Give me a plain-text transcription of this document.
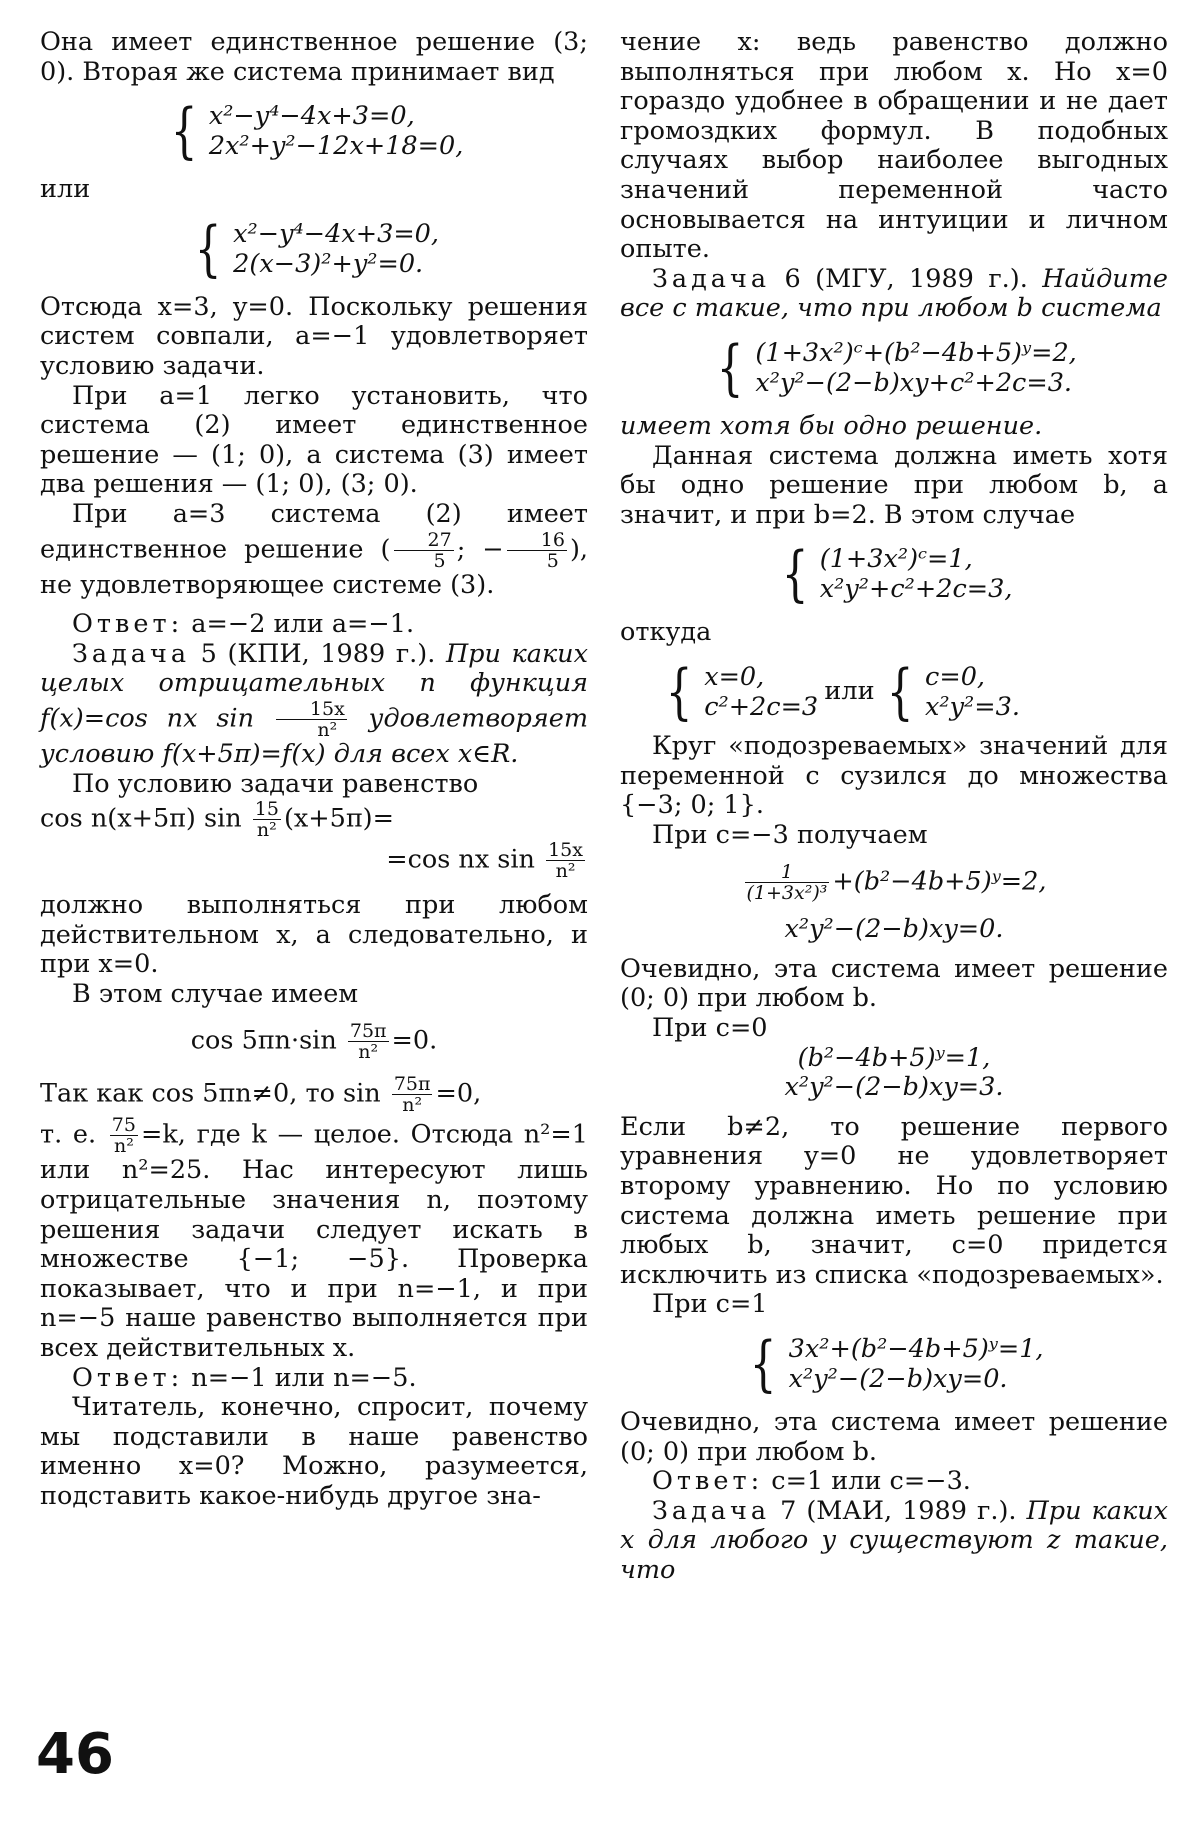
Она имеет единственное решение (3; 0). Вторая же система принимает вид

{ x²−y⁴−4x+3=0,
2x²+y²−12x+18=0,

или

{ x²−y⁴−4x+3=0,
2(x−3)²+y²=0.

Отсюда x=3, y=0. Поскольку решения систем совпали, a=−1 удовлетворяет условию задачи.

При a=1 легко установить, что система (2) имеет единственное решение — (1; 0), а система (3) имеет два решения — (1; 0), (3; 0).

При a=3 система (2) имеет единственное решение ( $\frac{27}{5}$ ; − $\frac{16}{5}$ ), не удовлетворяющее системе (3).

Ответ: a=−2 или a=−1.

Задача 5 (КПИ, 1989 г.). При каких целых отрицательных n функция f(x)=cos nx $\sin \frac{15x}{\text{n²}}$ удовлетворяет условию f(x+5π)=f(x) для всех x∈R.

По условию задачи равенство

cos n(x+5π) $\sin \frac{15}{\text{n²}} (x+5\pi)=$

=cos nx $\sin \frac{15x}{\text{n²}}$

должно выполняться при любом действительном x, а следовательно, и при x=0.

В этом случае имеем

$\cos 5\pi n\cdot\sin \frac{75\pi}{\text{n²}} =0$.

Так как cos 5πn≠0, то $\sin \frac{75\pi}{\text{n²}} =0$,

т. е. $\frac{75}{\text{n²}} =k$, где k — целое. Отсюда n²=1 или n²=25. Нас интересуют лишь отрицательные значения n, поэтому решения задачи следует искать в множестве {−1; −5}. Проверка показывает, что и при n=−1, и при n=−5 наше равенство выполняется при всех действительных x.

Ответ: n=−1 или n=−5.

Читатель, конечно, спросит, почему мы подставили в наше равенство именно x=0? Можно, разумеется, подставить какое-нибудь другое зна-

чение x: ведь равенство должно выполняться при любом x. Но x=0 гораздо удобнее в обращении и не дает громоздких формул. В подобных случаях выбор наиболее выгодных значений переменной часто основывается на интуиции и личном опыте.

Задача 6 (МГУ, 1989 г.). Найдите все c такие, что при любом b система

{ (1+3x²)ᶜ+(b²−4b+5)ʸ=2,
x²y²−(2−b)xy+c²+2c=3.

имеет хотя бы одно решение.

Данная система должна иметь хотя бы одно решение при любом b, а значит, и при b=2. В этом случае

{ (1+3x²)ᶜ=1,
x²y²+c²+2c=3,

откуда

{ x=0,
c²+2c=3
или { c=0,
x²y²=3.

Круг «подозреваемых» значений для переменной c сузился до множества {−3; 0; 1}.

При c=−3 получаем

$\frac{1}{\text{(1+3x²)³}}$ +(b²−4b+5)ʸ=2,

x²y²−(2−b)xy=0.

Очевидно, эта система имеет решение (0; 0) при любом b.

При c=0

(b²−4b+5)ʸ=1,

x²y²−(2−b)xy=3.

Если b≠2, то решение первого уравнения y=0 не удовлетворяет второму уравнению. Но по условию система должна иметь решение при любых b, значит, c=0 придется исключить из списка «подозреваемых».

При c=1

{ 3x²+(b²−4b+5)ʸ=1,
x²y²−(2−b)xy=0.

Очевидно, эта система имеет решение (0; 0) при любом b.

Ответ: c=1 или c=−3.

Задача 7 (МАИ, 1989 г.). При каких x для любого y существуют z такие, что

46
